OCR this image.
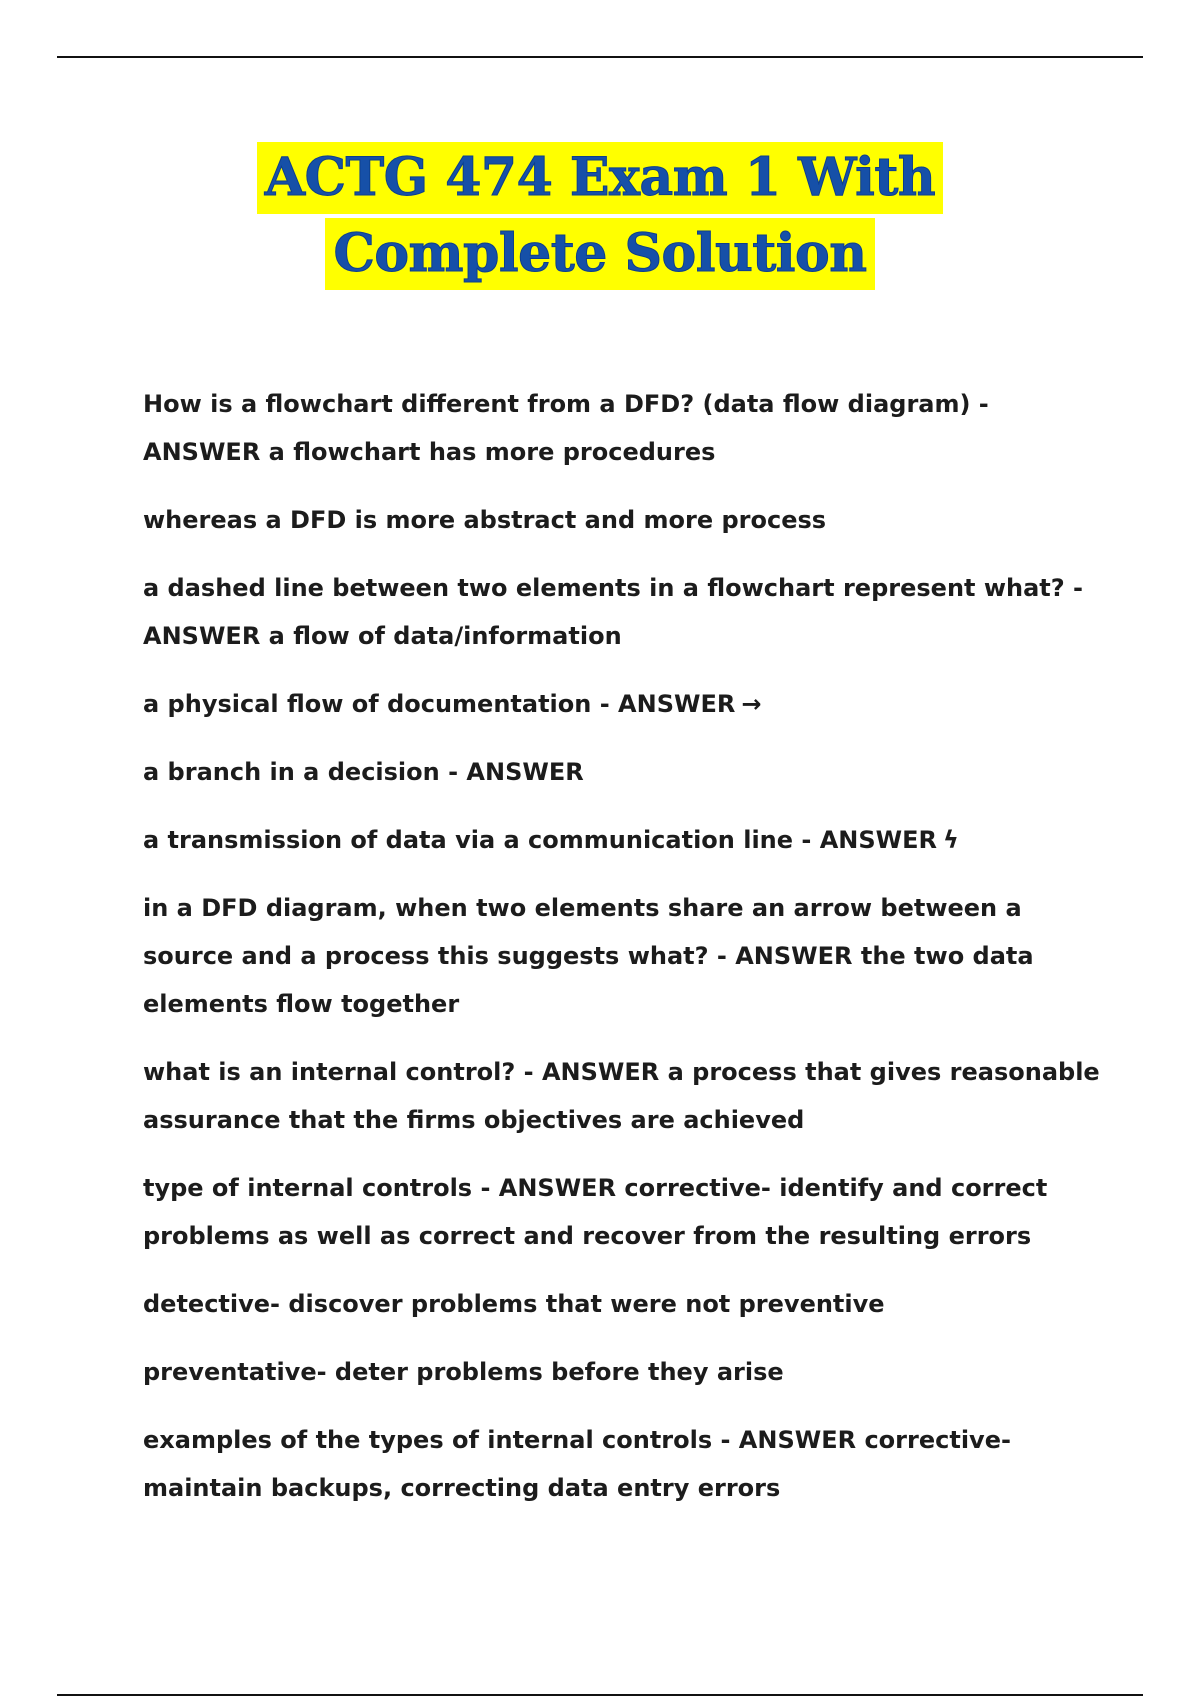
ACTG 474 Exam 1 With
Complete Solution

How is a flowchart different from a DFD? (data flow diagram) - ANSWER a flowchart has more procedures

whereas a DFD is more abstract and more process

a dashed line between two elements in a flowchart represent what? - ANSWER a flow of data/information

a physical flow of documentation - ANSWER →

a branch in a decision - ANSWER

a transmission of data via a communication line - ANSWER ϟ

in a DFD diagram, when two elements share an arrow between a source and a process this suggests what? - ANSWER the two data elements flow together

what is an internal control? - ANSWER a process that gives reasonable assurance that the firms objectives are achieved

type of internal controls - ANSWER corrective- identify and correct problems as well as correct and recover from the resulting errors

detective- discover problems that were not preventive

preventative- deter problems before they arise

examples of the types of internal controls - ANSWER corrective- maintain backups, correcting data entry errors
